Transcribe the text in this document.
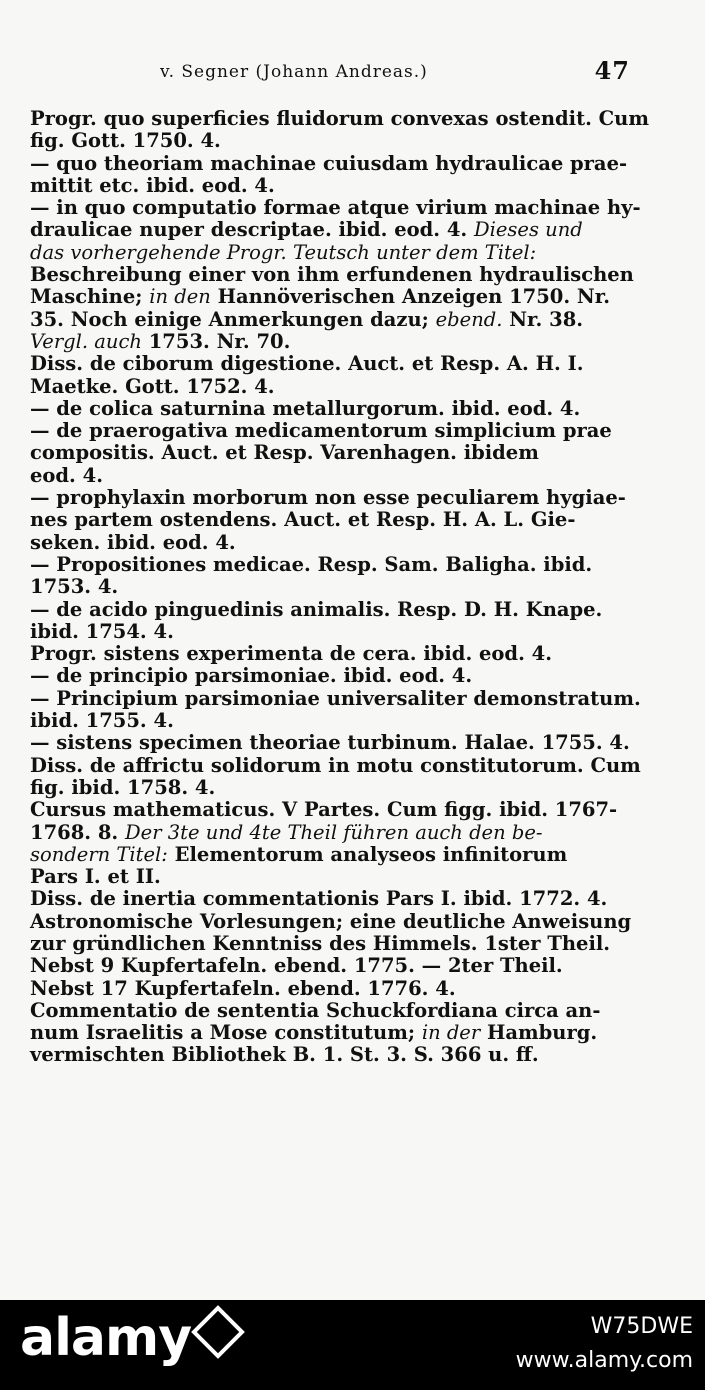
v. Segner (Johann Andreas.)	47

Progr. quo superficies fluidorum convexas ostendit. Cum
fig. Gott. 1750. 4.

— quo theoriam machinae cuiusdam hydraulicae prae-
mittit etc. ibid. eod. 4.

— in quo computatio formae atque virium machinae hy-
draulicae nuper descriptae. ibid. eod. 4. Dieses und
das vorhergehende Progr. Teutsch unter dem Titel:
Beschreibung einer von ihm erfundenen hydraulischen
Maschine; in den Hannöverischen Anzeigen 1750. Nr.
35. Noch einige Anmerkungen dazu; ebend. Nr. 38.
Vergl. auch 1753. Nr. 70.

Diss. de ciborum digestione. Auct. et Resp. A. H. I.
Maetke. Gott. 1752. 4.

— de colica saturnina metallurgorum. ibid. eod. 4.

— de praerogativa medicamentorum simplicium prae
compositis. Auct. et Resp. Varenhagen. ibidem
eod. 4.

— prophylaxin morborum non esse peculiarem hygiae-
nes partem ostendens. Auct. et Resp. H. A. L. Gie-
seken. ibid. eod. 4.

— Propositiones medicae. Resp. Sam. Baligha. ibid.
1753. 4.

— de acido pinguedinis animalis. Resp. D. H. Knape.
ibid. 1754. 4.

Progr. sistens experimenta de cera. ibid. eod. 4.

— de principio parsimoniae. ibid. eod. 4.

— Principium parsimoniae universaliter demonstratum.
ibid. 1755. 4.

— sistens specimen theoriae turbinum. Halae. 1755. 4.

Diss. de affrictu solidorum in motu constitutorum. Cum
fig. ibid. 1758. 4.

Cursus mathematicus. V Partes. Cum figg. ibid. 1767-
1768. 8. Der 3te und 4te Theil führen auch den be-
sondern Titel: Elementorum analyseos infinitorum
Pars I. et II.

Diss. de inertia commentationis Pars I. ibid. 1772. 4.

Astronomische Vorlesungen; eine deutliche Anweisung
zur gründlichen Kenntniss des Himmels. 1ster Theil.
Nebst 9 Kupfertafeln. ebend. 1775. — 2ter Theil.
Nebst 17 Kupfertafeln. ebend. 1776. 4.

Commentatio de sententia Schuckfordiana circa an-
num Israelitis a Mose constitutum; in der Hamburg.
vermischten Bibliothek B. 1. St. 3. S. 366 u. ff.

alamy	W75DWE
www.alamy.com
